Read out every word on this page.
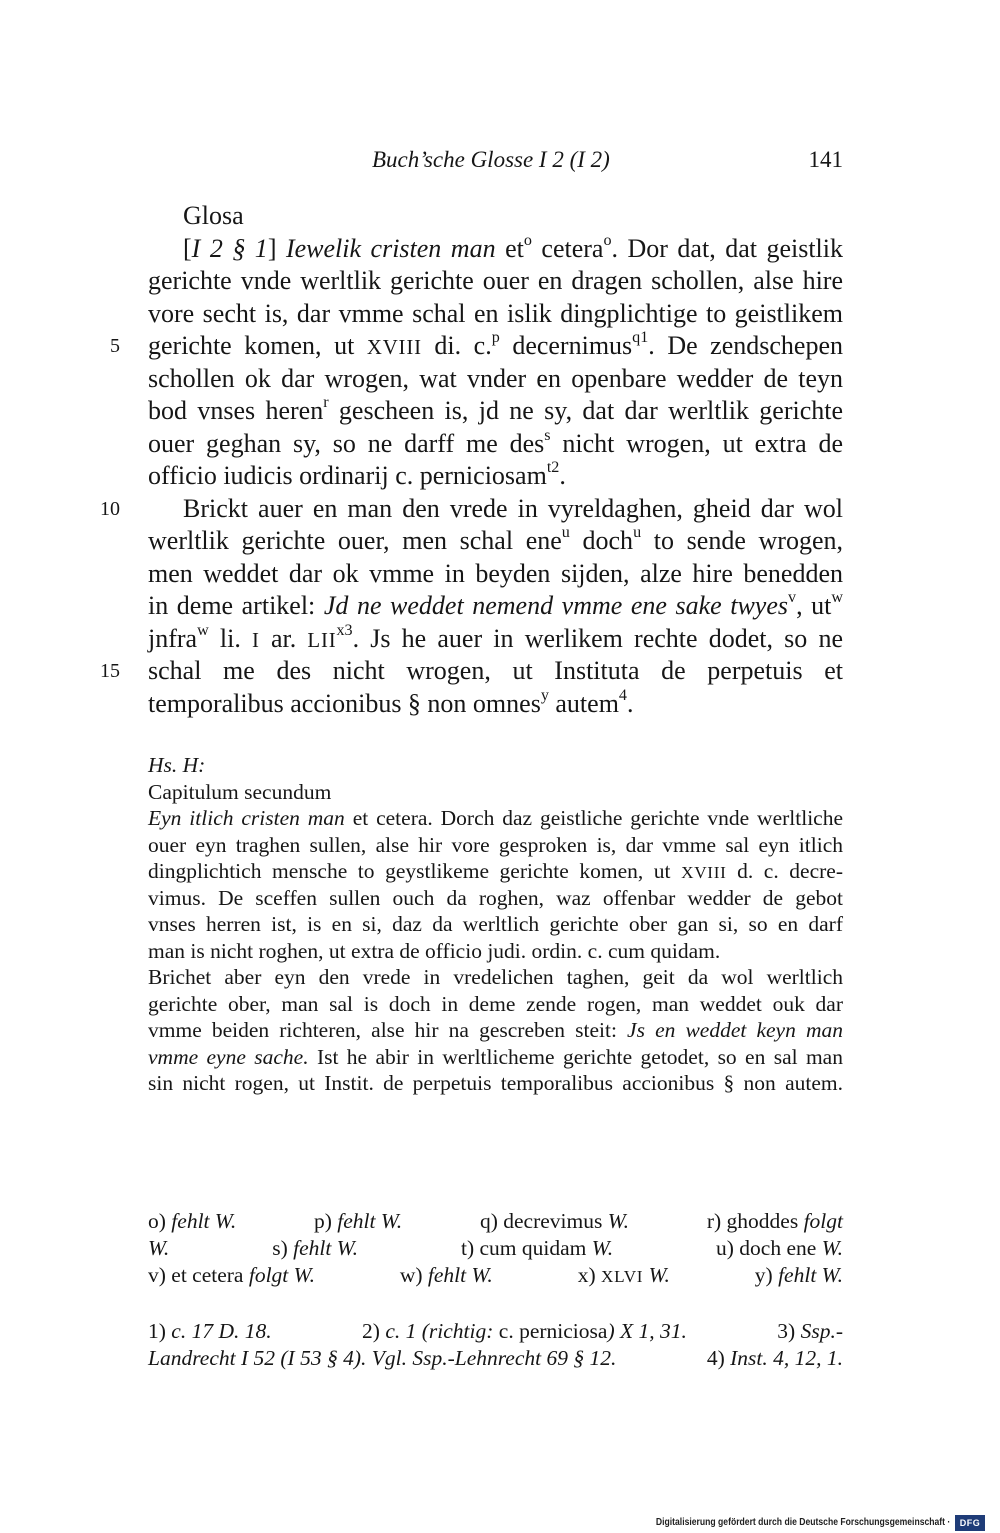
Buch’sche Glosse I 2 (I 2)	141
Glosa
[I 2 § 1] Iewelik cristen man $et^o$ cetera$^o$. Dor dat, dat geistlik
gerichte vnde werltlik gerichte ouer en dragen schollen, alse hire
vore secht is, dar vmme schal en islik dingplichtige to geistlikem
5 gerichte komen, ut XVIII di. c.$^p$ decernimus$^{q1}$. De zendschepen
schollen ok dar wrogen, wat vnder en openbare wedder de teyn
bod vnses heren$^r$ gescheen is, jd ne sy, dat dar werltlik gerichte
ouer geghan sy, so ne darff me des$^s$ nicht wrogen, ut extra de
officio iudicis ordinarij c. perniciosam$^{t2}$.
10 Brickt auer en man den vrede in vyreldaghen, gheid dar wol
werltlik gerichte ouer, men schal ene$^u$ doch$^u$ to sende wrogen,
men weddet dar ok vmme in beyden sijden, alze hire benedden
in deme artikel: Jd ne weddet nemend vmme ene sake twyes$^v$, $ut^w$
jnfra$^w$ li. I ar. $LII^{x3}$. Js he auer in werlikem rechte dodet, so ne
15 schal me des nicht wrogen, ut Instituta de perpetuis et
temporalibus accionibus § non omnes$^y$ autem$^4$.
Hs. H:
Capitulum secundum
Eyn itlich cristen man et cetera. Dorch daz geistliche gerichte vnde werltliche
ouer eyn traghen sullen, alse hir vore gesproken is, dar vmme sal eyn itlich
dingplichtich mensche to geystlikeme gerichte komen, ut XVIII d. c. decre-
vimus. De sceffen sullen ouch da roghen, waz offenbar wedder de gebot
vnses herren ist, is en si, daz da werltlich gerichte ober gan si, so en darf
man is nicht roghen, ut extra de officio judi. ordin. c. cum quidam.
Brichet aber eyn den vrede in vredelichen taghen, geit da wol werltlich
gerichte ober, man sal is doch in deme zende rogen, man weddet ouk dar
vmme beiden richteren, alse hir na gescreben steit: Js en weddet keyn man
vmme eyne sache. Ist he abir in werltlicheme gerichte getodet, so en sal man
sin nicht rogen, ut Instit. de perpetuis temporalibus accionibus § non autem.
o) fehlt W.	p) fehlt W.	q) decrevimus W.	r) ghoddes folgt
W.	s) fehlt W.	t) cum quidam W.	u) doch ene W.
v) et cetera folgt W.	w) fehlt W.	x) XLVI W.	y) fehlt W.
1) c. 17 D. 18.	2) c. 1 (richtig: c. perniciosa) X 1, 31.	3) Ssp.-
Landrecht I 52 (I 53 § 4). Vgl. Ssp.-Lehnrecht 69 § 12.	4) Inst. 4, 12, 1.
Digitalisierung gefördert durch die Deutsche Forschungsgemeinschaft ·	DFG
